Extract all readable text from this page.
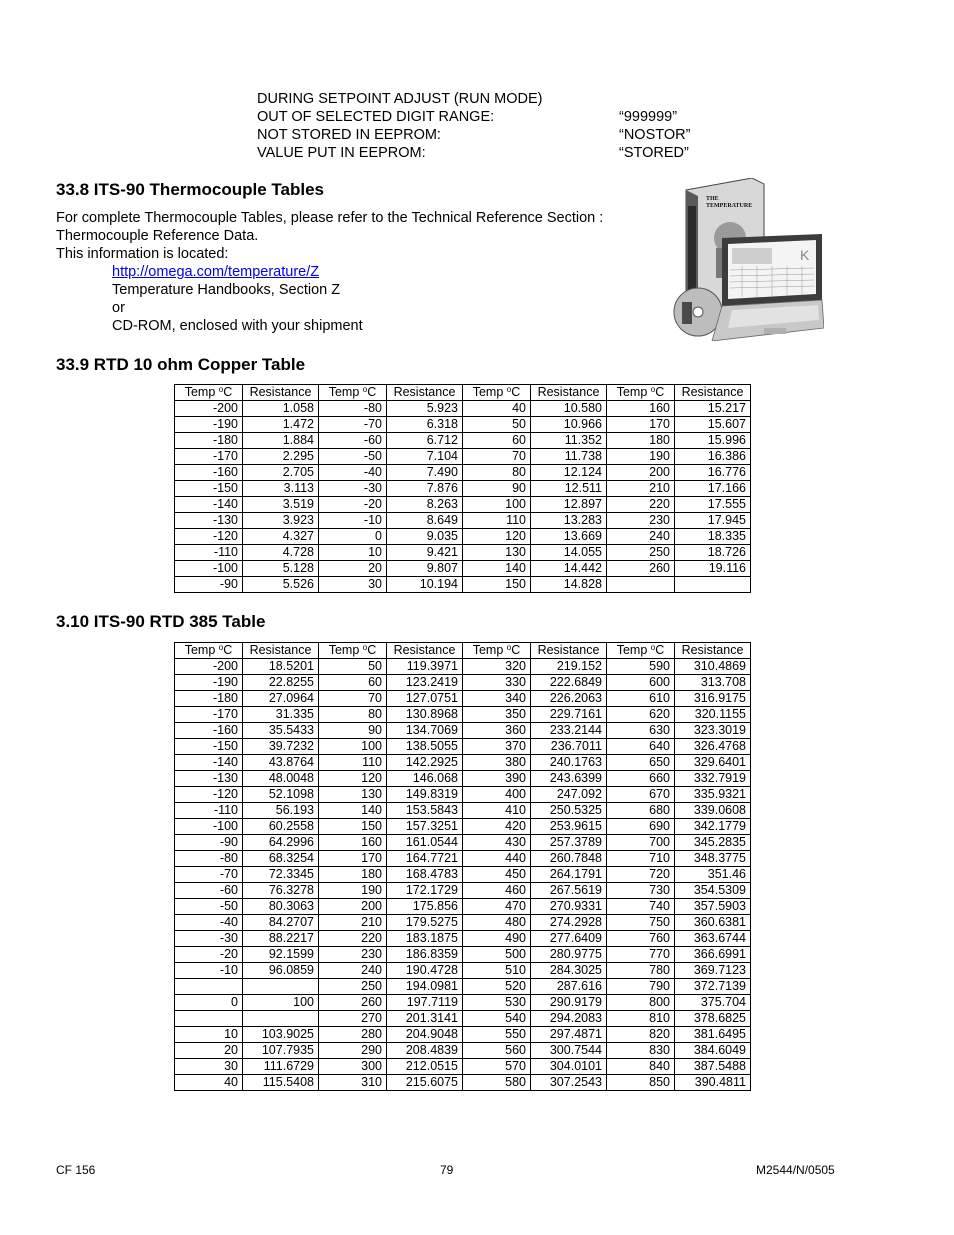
DURING SETPOINT ADJUST (RUN MODE)
OUT OF SELECTED DIGIT RANGE:	“999999”
NOT STORED IN EEPROM:	“NOSTOR”
VALUE PUT IN EEPROM:	“STORED”
33.8 ITS-90 Thermocouple Tables
For complete Thermocouple Tables, please refer to the Technical Reference Section :
Thermocouple Reference Data.
This information is located:
http://omega.com/temperature/Z
Temperature Handbooks, Section Z
or
CD-ROM, enclosed with your shipment
THE
TEMPERATURE
K
33.9 RTD 10 ohm Copper Table
Temp $^o$C	Resistance	Temp $^o$C	Resistance	Temp $^o$C	Resistance	Temp $^o$C	Resistance
-200	1.058	-80	5.923	40	10.580	160	15.217
-190	1.472	-70	6.318	50	10.966	170	15.607
-180	1.884	-60	6.712	60	11.352	180	15.996
-170	2.295	-50	7.104	70	11.738	190	16.386
-160	2.705	-40	7.490	80	12.124	200	16.776
-150	3.113	-30	7.876	90	12.511	210	17.166
-140	3.519	-20	8.263	100	12.897	220	17.555
-130	3.923	-10	8.649	110	13.283	230	17.945
-120	4.327	0	9.035	120	13.669	240	18.335
-110	4.728	10	9.421	130	14.055	250	18.726
-100	5.128	20	9.807	140	14.442	260	19.116
-90	5.526	30	10.194	150	14.828		
3.10 ITS-90 RTD 385 Table
Temp $^o$C	Resistance	Temp $^o$C	Resistance	Temp $^o$C	Resistance	Temp $^o$C	Resistance
-200	18.5201	50	119.3971	320	219.152	590	310.4869
-190	22.8255	60	123.2419	330	222.6849	600	313.708
-180	27.0964	70	127.0751	340	226.2063	610	316.9175
-170	31.335	80	130.8968	350	229.7161	620	320.1155
-160	35.5433	90	134.7069	360	233.2144	630	323.3019
-150	39.7232	100	138.5055	370	236.7011	640	326.4768
-140	43.8764	110	142.2925	380	240.1763	650	329.6401
-130	48.0048	120	146.068	390	243.6399	660	332.7919
-120	52.1098	130	149.8319	400	247.092	670	335.9321
-110	56.193	140	153.5843	410	250.5325	680	339.0608
-100	60.2558	150	157.3251	420	253.9615	690	342.1779
-90	64.2996	160	161.0544	430	257.3789	700	345.2835
-80	68.3254	170	164.7721	440	260.7848	710	348.3775
-70	72.3345	180	168.4783	450	264.1791	720	351.46
-60	76.3278	190	172.1729	460	267.5619	730	354.5309
-50	80.3063	200	175.856	470	270.9331	740	357.5903
-40	84.2707	210	179.5275	480	274.2928	750	360.6381
-30	88.2217	220	183.1875	490	277.6409	760	363.6744
-20	92.1599	230	186.8359	500	280.9775	770	366.6991
-10	96.0859	240	190.4728	510	284.3025	780	369.7123
		250	194.0981	520	287.616	790	372.7139
0	100	260	197.7119	530	290.9179	800	375.704
		270	201.3141	540	294.2083	810	378.6825
10	103.9025	280	204.9048	550	297.4871	820	381.6495
20	107.7935	290	208.4839	560	300.7544	830	384.6049
30	111.6729	300	212.0515	570	304.0101	840	387.5488
40	115.5408	310	215.6075	580	307.2543	850	390.4811
CF 156	79	M2544/N/0505
